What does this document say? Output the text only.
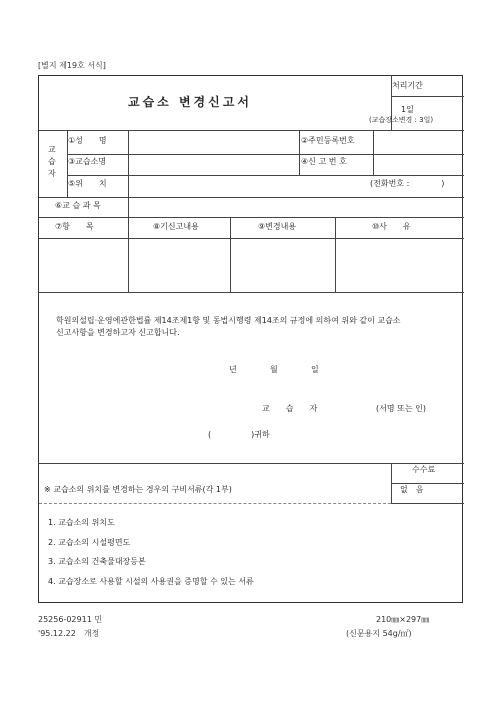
[별지 제19호 서식]
교습소 변경신고서
처리기간
1일
(교습장소변경 : 3일)
교
습
자
①성　　명	②주민등록번호
③교습소명	④신 고 번 호
⑤위　　치	(전화번호 :　　　　)
⑥교 습 과 목
⑦항　　목	⑧기신고내용	⑨변경내용	⑩사　　유
학원의설립·운영에관한법률 제14조제1항 및 동법시행령 제14조의 규정에 의하여 위와 같이 교습소
신고사항을 변경하고자 신고합니다.
년	월	일
교　　습　　자	(서명 또는 인)
(　　　　　)귀하
※ 교습소의 위치를 변경하는 경우의 구비서류(각 1부)
수수료
없　음
1. 교습소의 위치도
2. 교습소의 시설평면도
3. 교습소의 건축물대장등본
4. 교습장소로 사용할 시설의 사용권을 증명할 수 있는 서류
25256-02911 민
'95.12.22　개정
210㎜×297㎜
(신문용지 54g/㎡)
